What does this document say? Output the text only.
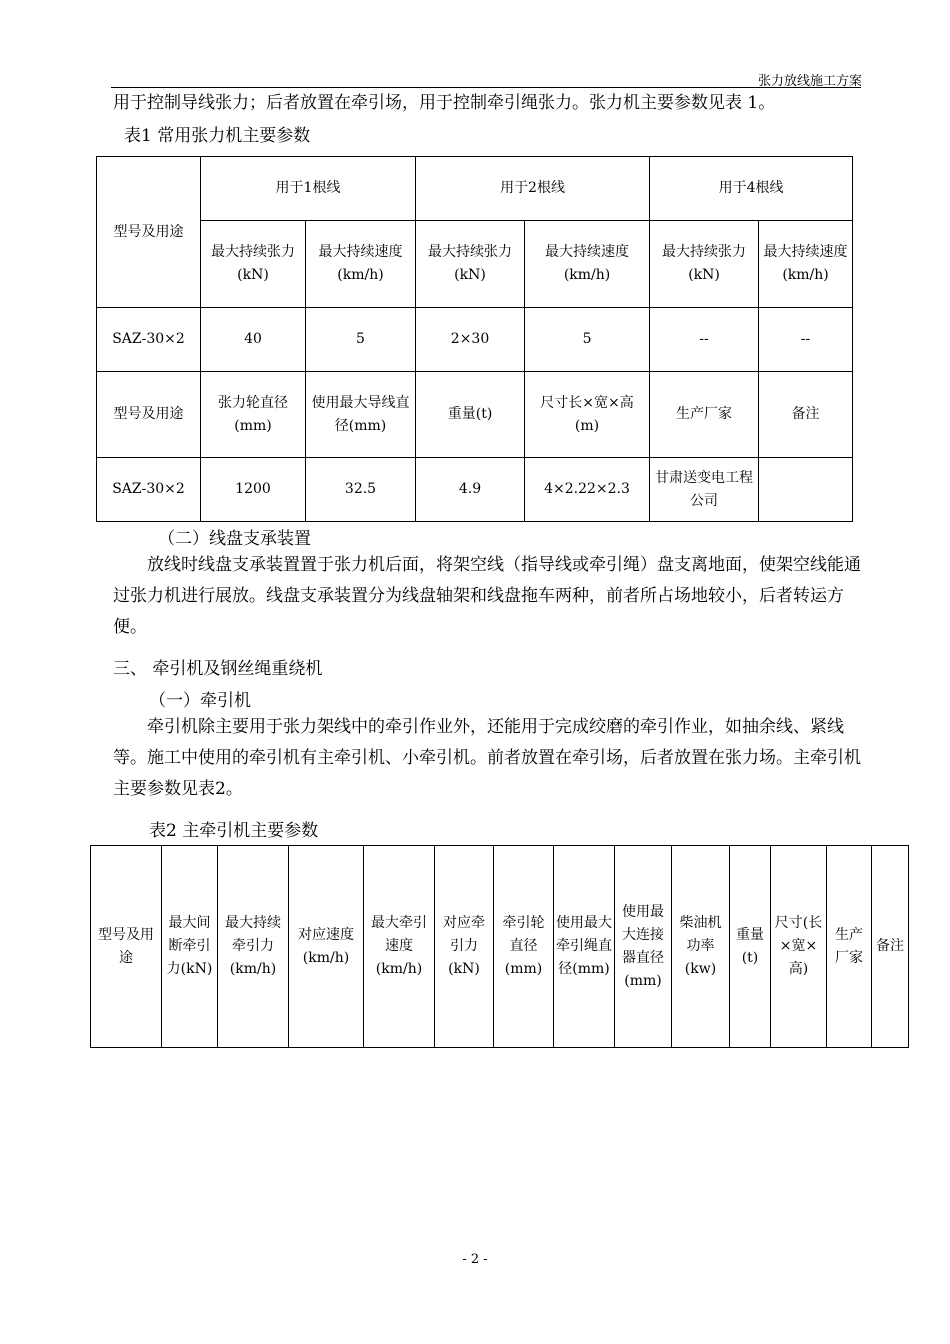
张力放线施工方案
用于控制导线张力；后者放置在牵引场，用于控制牵引绳张力。张力机主要参数见表 1。
表1 常用张力机主要参数
型号及用途	用于1根线		用于2根线		用于4根线	
	最大持续张力(kN)	最大持续速度(km/h)	最大持续张力(kN)	最大持续速度(km/h)	最大持续张力(kN)	最大持续速度(km/h)
SAZ-30×2	40	5	2×30	5	--	--
型号及用途	张力轮直径(mm)	使用最大导线直径(mm)	重量(t)	尺寸长×宽×高(m)	生产厂家	备注
SAZ-30×2	1200	32.5	4.9	4×2.22×2.3	甘肃送变电工程公司	
（二）线盘支承装置
放线时线盘支承装置置于张力机后面，将架空线（指导线或牵引绳）盘支离地面，使架空线能通过张力机进行展放。线盘支承装置分为线盘轴架和线盘拖车两种，前者所占场地较小，后者转运方便。
三、 牵引机及钢丝绳重绕机
（一）牵引机
牵引机除主要用于张力架线中的牵引作业外，还能用于完成绞磨的牵引作业，如抽余线、紧线等。施工中使用的牵引机有主牵引机、小牵引机。前者放置在牵引场，后者放置在张力场。主牵引机主要参数见表2。
表2 主牵引机主要参数
型号及用途	最大间断牵引力(kN)	最大持续牵引力(km/h)	对应速度(km/h)	最大牵引速度(km/h)	对应牵引力(kN)	牵引轮直径(mm)	使用最大牵引绳直径(mm)	使用最大连接器直径(mm)	柴油机功率(kw)	重量(t)	尺寸(长×宽×高)	生产厂家	备注
- 2 -
